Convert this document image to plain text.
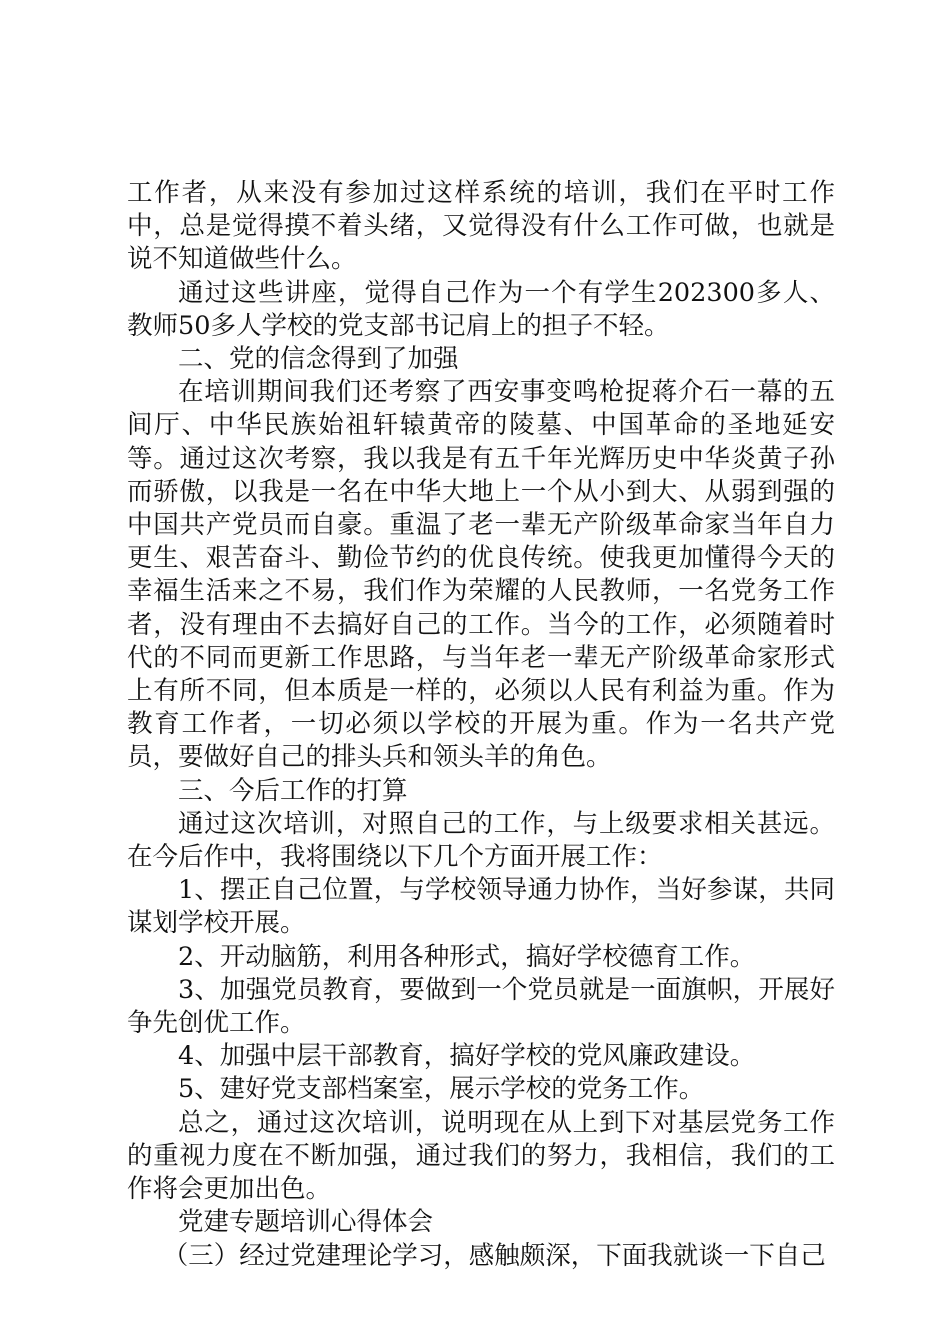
工作者，从来没有参加过这样系统的培训，我们在平时工作中，总是觉得摸不着头绪，又觉得没有什么工作可做，也就是说不知道做些什么。

通过这些讲座，觉得自己作为一个有学生202300多人、教师50多人学校的党支部书记肩上的担子不轻。

二、党的信念得到了加强

在培训期间我们还考察了西安事变鸣枪捉蒋介石一幕的五间厅、中华民族始祖轩辕黄帝的陵墓、中国革命的圣地延安等。通过这次考察，我以我是有五千年光辉历史中华炎黄子孙而骄傲，以我是一名在中华大地上一个从小到大、从弱到强的中国共产党员而自豪。重温了老一辈无产阶级革命家当年自力更生、艰苦奋斗、勤俭节约的优良传统。使我更加懂得今天的幸福生活来之不易，我们作为荣耀的人民教师，一名党务工作者，没有理由不去搞好自己的工作。当今的工作，必须随着时代的不同而更新工作思路，与当年老一辈无产阶级革命家形式上有所不同，但本质是一样的，必须以人民有利益为重。作为教育工作者，一切必须以学校的开展为重。作为一名共产党员，要做好自己的排头兵和领头羊的角色。

三、今后工作的打算

通过这次培训，对照自己的工作，与上级要求相关甚远。在今后作中，我将围绕以下几个方面开展工作：

1、摆正自己位置，与学校领导通力协作，当好参谋，共同谋划学校开展。

2、开动脑筋，利用各种形式，搞好学校德育工作。

3、加强党员教育，要做到一个党员就是一面旗帜，开展好争先创优工作。

4、加强中层干部教育，搞好学校的党风廉政建设。

5、建好党支部档案室，展示学校的党务工作。

总之，通过这次培训，说明现在从上到下对基层党务工作的重视力度在不断加强，通过我们的努力，我相信，我们的工作将会更加出色。

党建专题培训心得体会

（三）经过党建理论学习，感触颇深，下面我就谈一下自己
